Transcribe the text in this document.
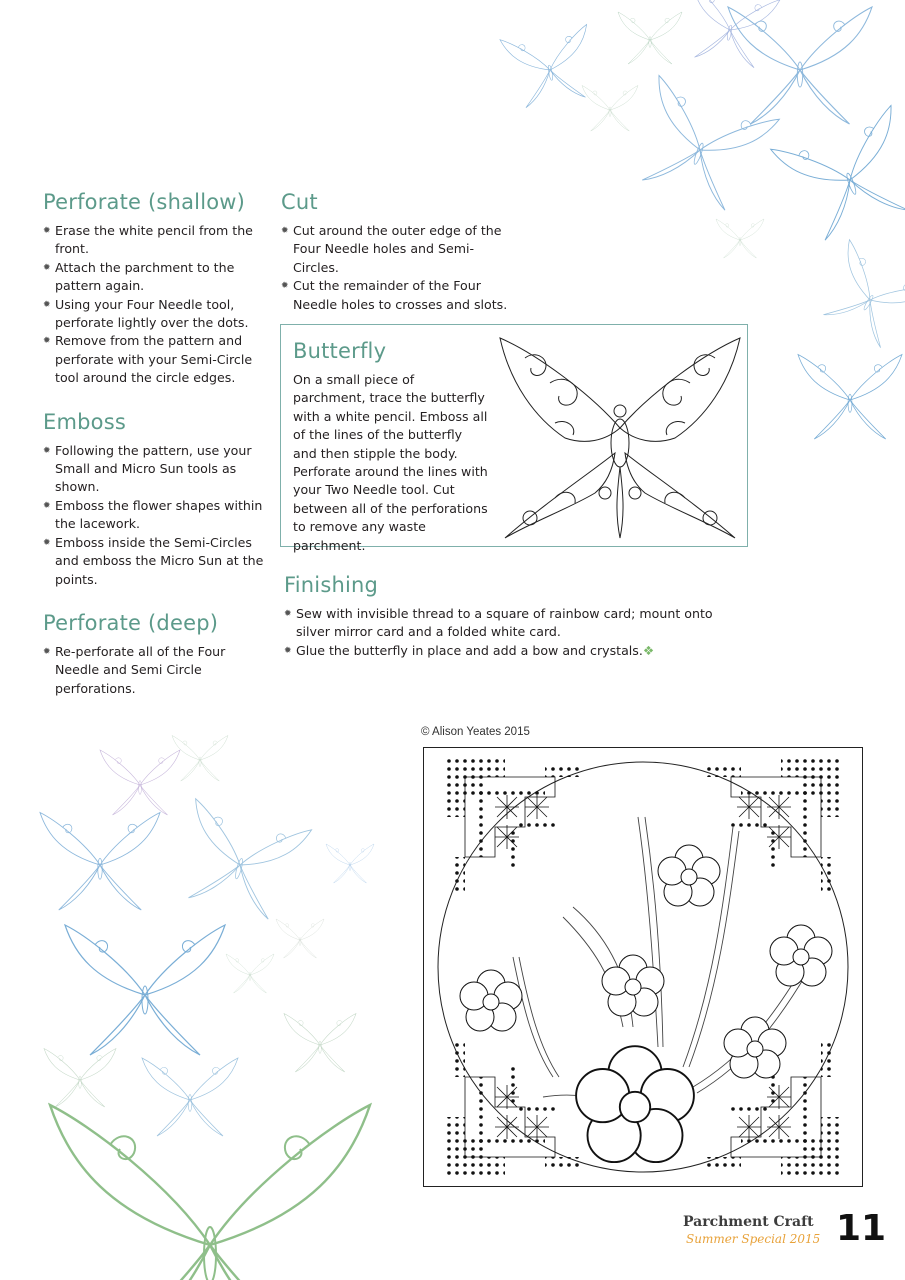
Perforate (shallow)
✹ Erase the white pencil from the front.
✹ Attach the parchment to the pattern again.
✹ Using your Four Needle tool, perforate lightly over the dots.
✹ Remove from the pattern and perforate with your Semi-Circle tool around the circle edges.
Emboss
✹ Following the pattern, use your Small and Micro Sun tools as shown.
✹ Emboss the flower shapes within the lacework.
✹ Emboss inside the Semi-Circles and emboss the Micro Sun at the points.
Perforate (deep)
✹ Re-perforate all of the Four Needle and Semi Circle perforations.
Cut
✹ Cut around the outer edge of the Four Needle holes and Semi-Circles.
✹ Cut the remainder of the Four Needle holes to crosses and slots.
Butterfly

On a small piece of parchment, trace the butterfly with a white pencil. Emboss all of the lines of the butterfly and then stipple the body. Perforate around the lines with your Two Needle tool. Cut between all of the perforations to remove any waste parchment.

Finishing
✹ Sew with invisible thread to a square of rainbow card; mount onto silver mirror card and a folded white card.
✹ Glue the butterfly in place and add a bow and crystals.❖
© Alison Yeates 2015
Parchment Craft
Summer Special 2015 11
